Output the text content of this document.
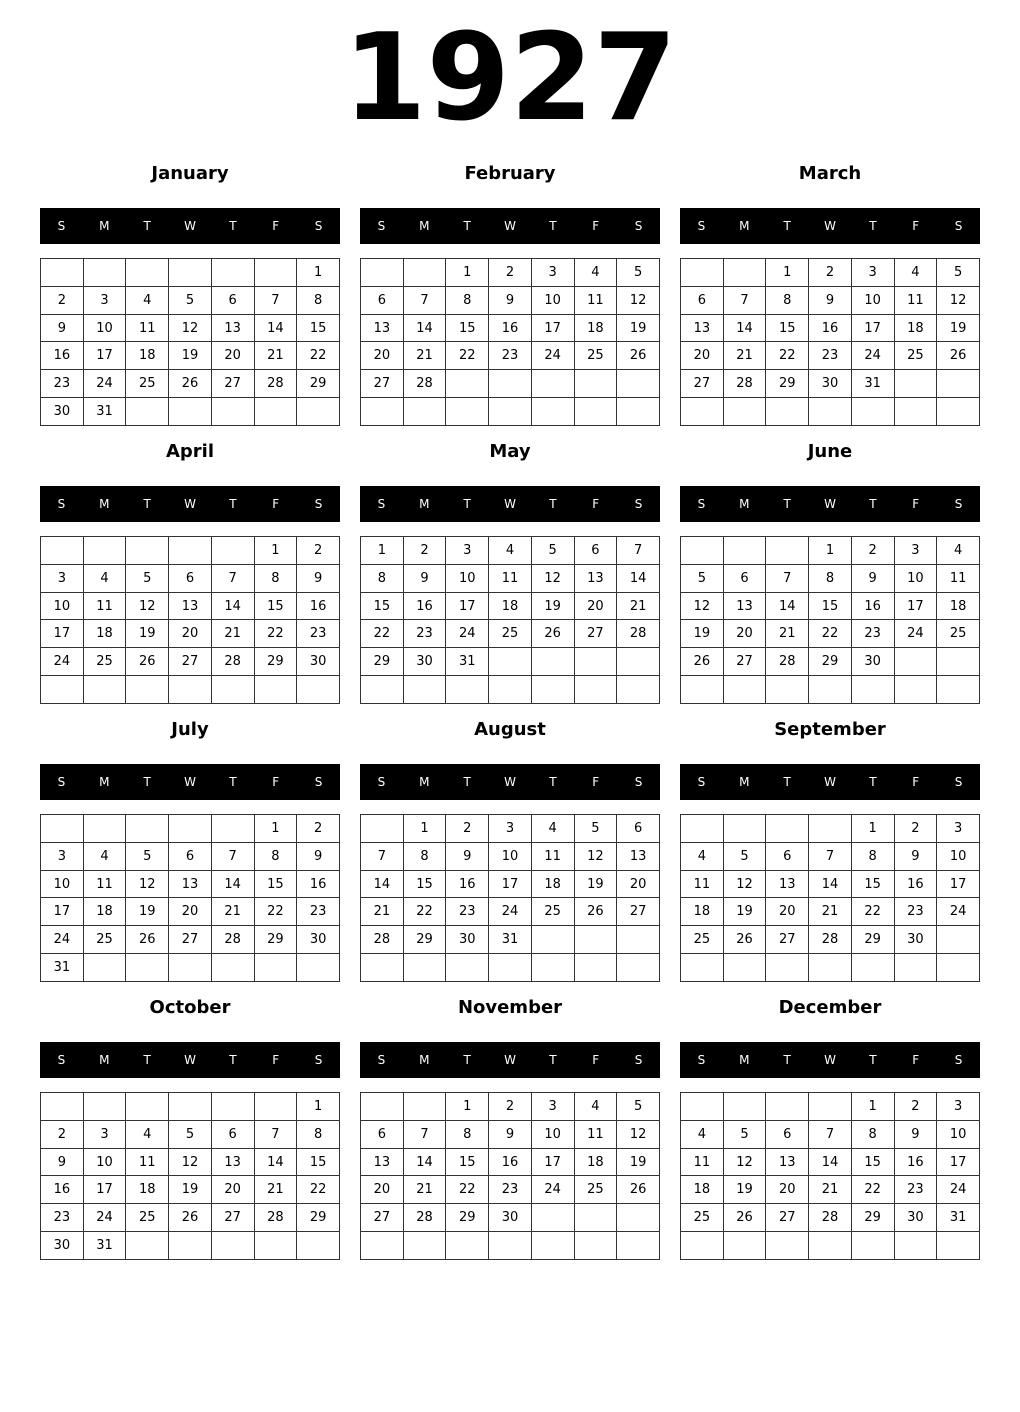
1927
January
S	M	T	W	T	F	S
						1
2	3	4	5	6	7	8
9	10	11	12	13	14	15
16	17	18	19	20	21	22
23	24	25	26	27	28	29
30	31					
February
S	M	T	W	T	F	S
		1	2	3	4	5
6	7	8	9	10	11	12
13	14	15	16	17	18	19
20	21	22	23	24	25	26
27	28					

March
S	M	T	W	T	F	S
		1	2	3	4	5
6	7	8	9	10	11	12
13	14	15	16	17	18	19
20	21	22	23	24	25	26
27	28	29	30	31		

April
S	M	T	W	T	F	S
					1	2
3	4	5	6	7	8	9
10	11	12	13	14	15	16
17	18	19	20	21	22	23
24	25	26	27	28	29	30

May
S	M	T	W	T	F	S
1	2	3	4	5	6	7
8	9	10	11	12	13	14
15	16	17	18	19	20	21
22	23	24	25	26	27	28
29	30	31				

June
S	M	T	W	T	F	S
			1	2	3	4
5	6	7	8	9	10	11
12	13	14	15	16	17	18
19	20	21	22	23	24	25
26	27	28	29	30		

July
S	M	T	W	T	F	S
					1	2
3	4	5	6	7	8	9
10	11	12	13	14	15	16
17	18	19	20	21	22	23
24	25	26	27	28	29	30
31						
August
S	M	T	W	T	F	S
	1	2	3	4	5	6
7	8	9	10	11	12	13
14	15	16	17	18	19	20
21	22	23	24	25	26	27
28	29	30	31			

September
S	M	T	W	T	F	S
				1	2	3
4	5	6	7	8	9	10
11	12	13	14	15	16	17
18	19	20	21	22	23	24
25	26	27	28	29	30	

October
S	M	T	W	T	F	S
						1
2	3	4	5	6	7	8
9	10	11	12	13	14	15
16	17	18	19	20	21	22
23	24	25	26	27	28	29
30	31					
November
S	M	T	W	T	F	S
		1	2	3	4	5
6	7	8	9	10	11	12
13	14	15	16	17	18	19
20	21	22	23	24	25	26
27	28	29	30			

December
S	M	T	W	T	F	S
				1	2	3
4	5	6	7	8	9	10
11	12	13	14	15	16	17
18	19	20	21	22	23	24
25	26	27	28	29	30	31
